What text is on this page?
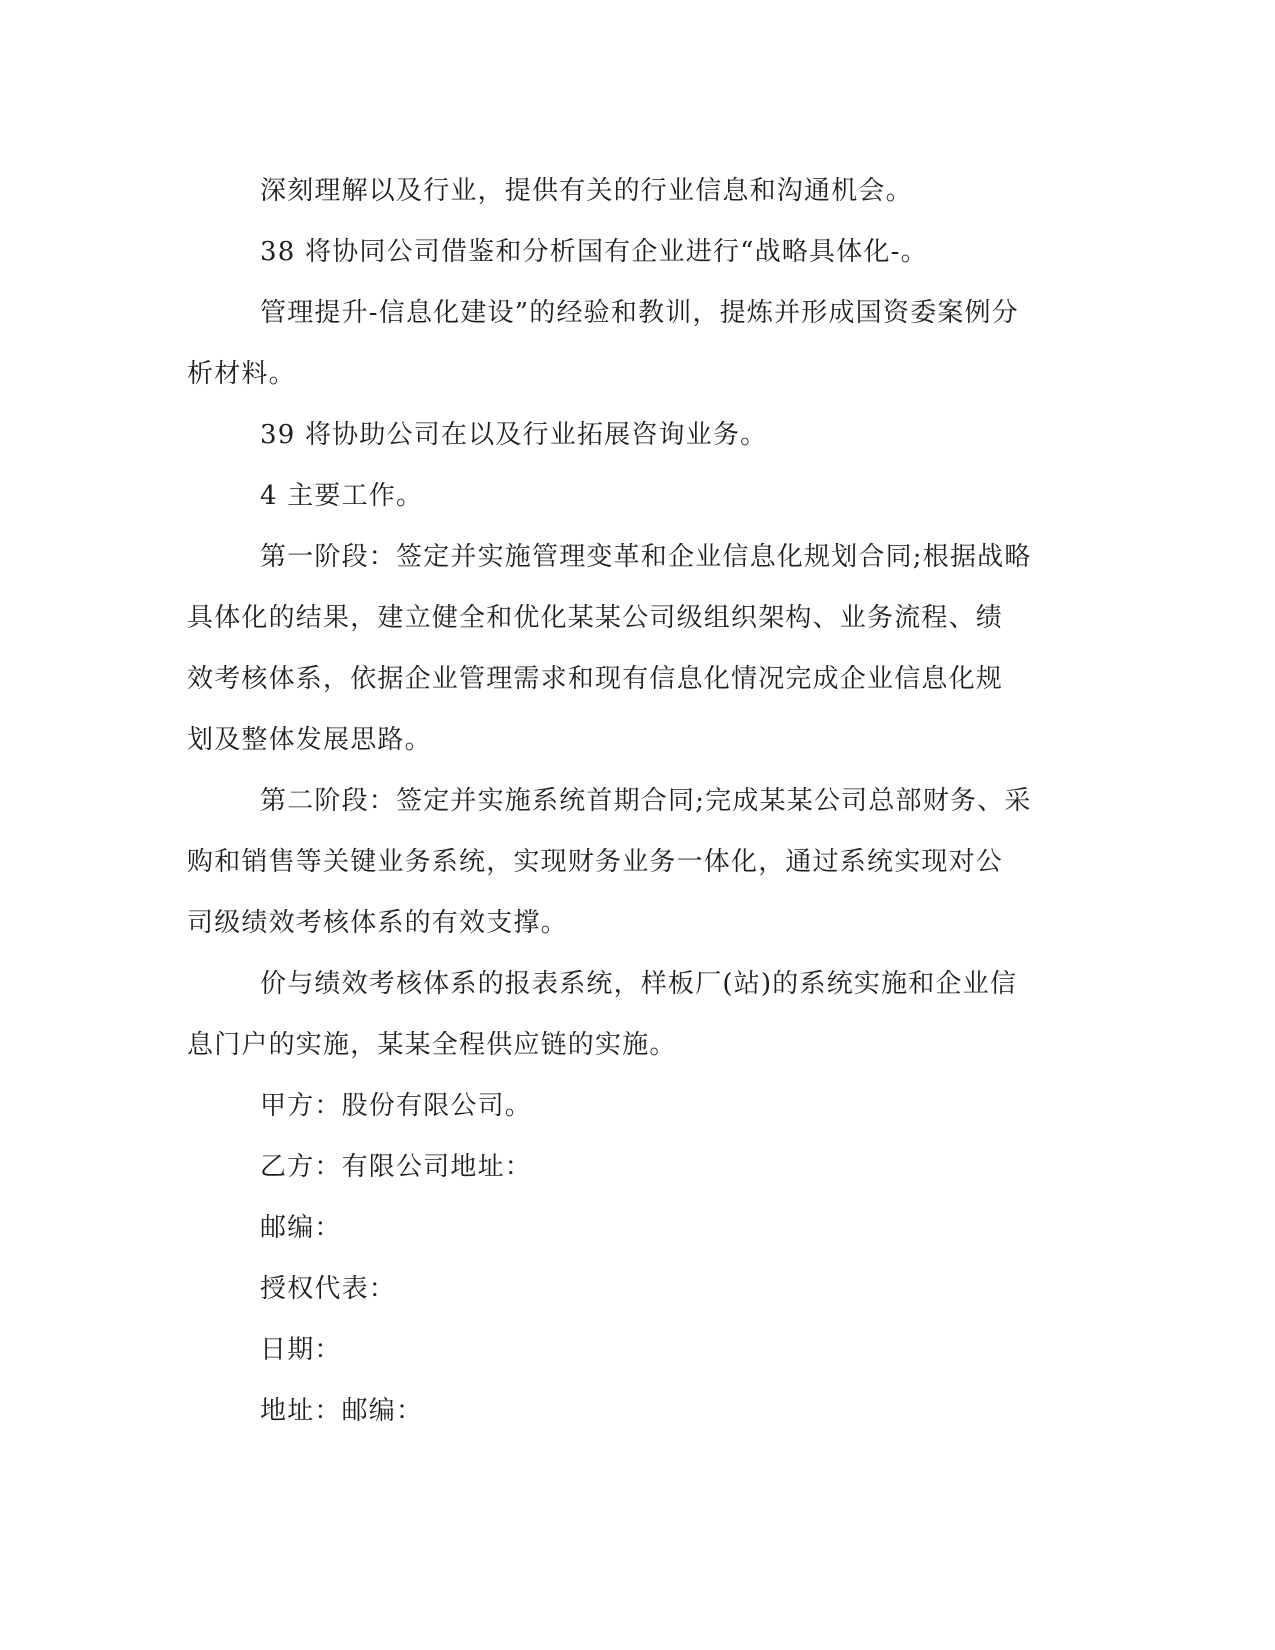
深刻理解以及行业，提供有关的行业信息和沟通机会。

38 将协同公司借鉴和分析国有企业进行“战略具体化-。

管理提升-信息化建设”的经验和教训，提炼并形成国资委案例分
析材料。

39 将协助公司在以及行业拓展咨询业务。

4 主要工作。

第一阶段：签定并实施管理变革和企业信息化规划合同;根据战略
具体化的结果，建立健全和优化某某公司级组织架构、业务流程、绩
效考核体系，依据企业管理需求和现有信息化情况完成企业信息化规
划及整体发展思路。

第二阶段：签定并实施系统首期合同;完成某某公司总部财务、采
购和销售等关键业务系统，实现财务业务一体化，通过系统实现对公
司级绩效考核体系的有效支撑。

价与绩效考核体系的报表系统，样板厂(站)的系统实施和企业信
息门户的实施，某某全程供应链的实施。

甲方：股份有限公司。

乙方：有限公司地址：

邮编：

授权代表：

日期：

地址：邮编：
